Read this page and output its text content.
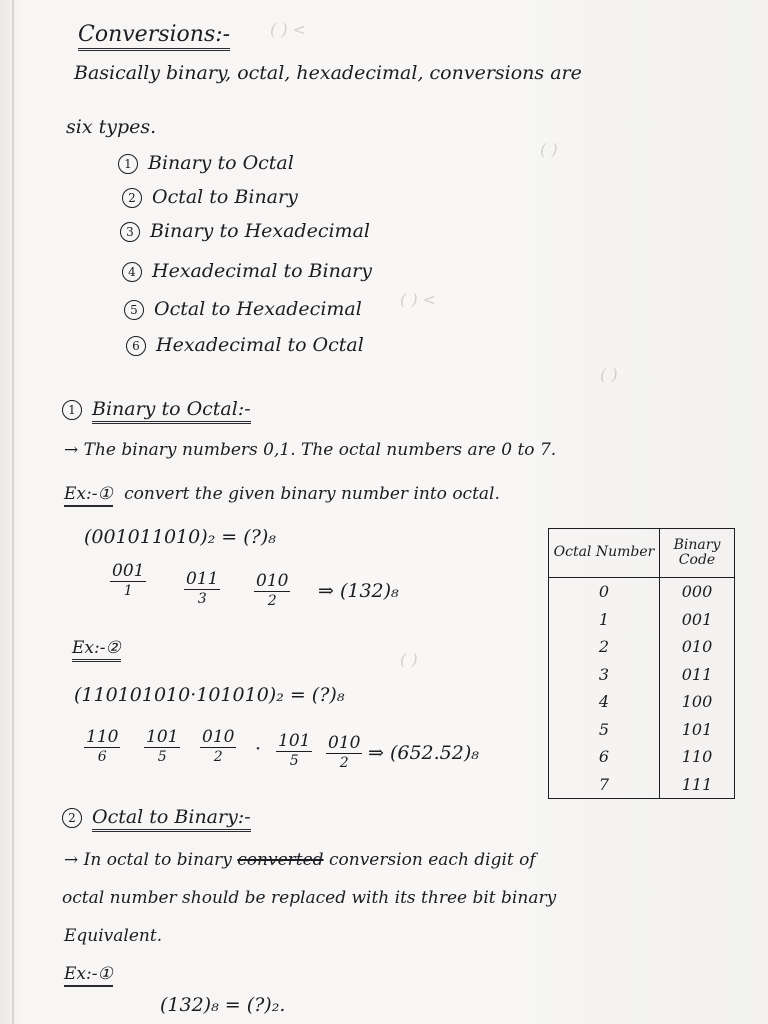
( ) <
( )
( ) <
( )
( )
Conversions:-
Basically binary, octal, hexadecimal, conversions are
six types.
1 Binary to Octal
2 Octal to Binary
3 Binary to Hexadecimal
4 Hexadecimal to Binary
5 Octal to Hexadecimal
6 Hexadecimal to Octal
1 Binary to Octal:-
→ The binary numbers 0,1. The octal numbers are 0 to 7.
Ex:-① convert the given binary number into octal.
(001011010)₂ = (?)₈
001
1
011
3
010
2	⇒ (132)₈
Ex:-②
(110101010·101010)₂ = (?)₈
110
6
101
5
010
2	· 101
5
010
2	⇒ (652.52)₈
Octal Number	Binary Code
0	000
1	001
2	010
3	011
4	100
5	101
6	110
7	111
2 Octal to Binary:-
→ In octal to binary converted conversion each digit of
octal number should be replaced with its three bit binary
Equivalent.
Ex:-①
(132)₈ = (?)₂.
